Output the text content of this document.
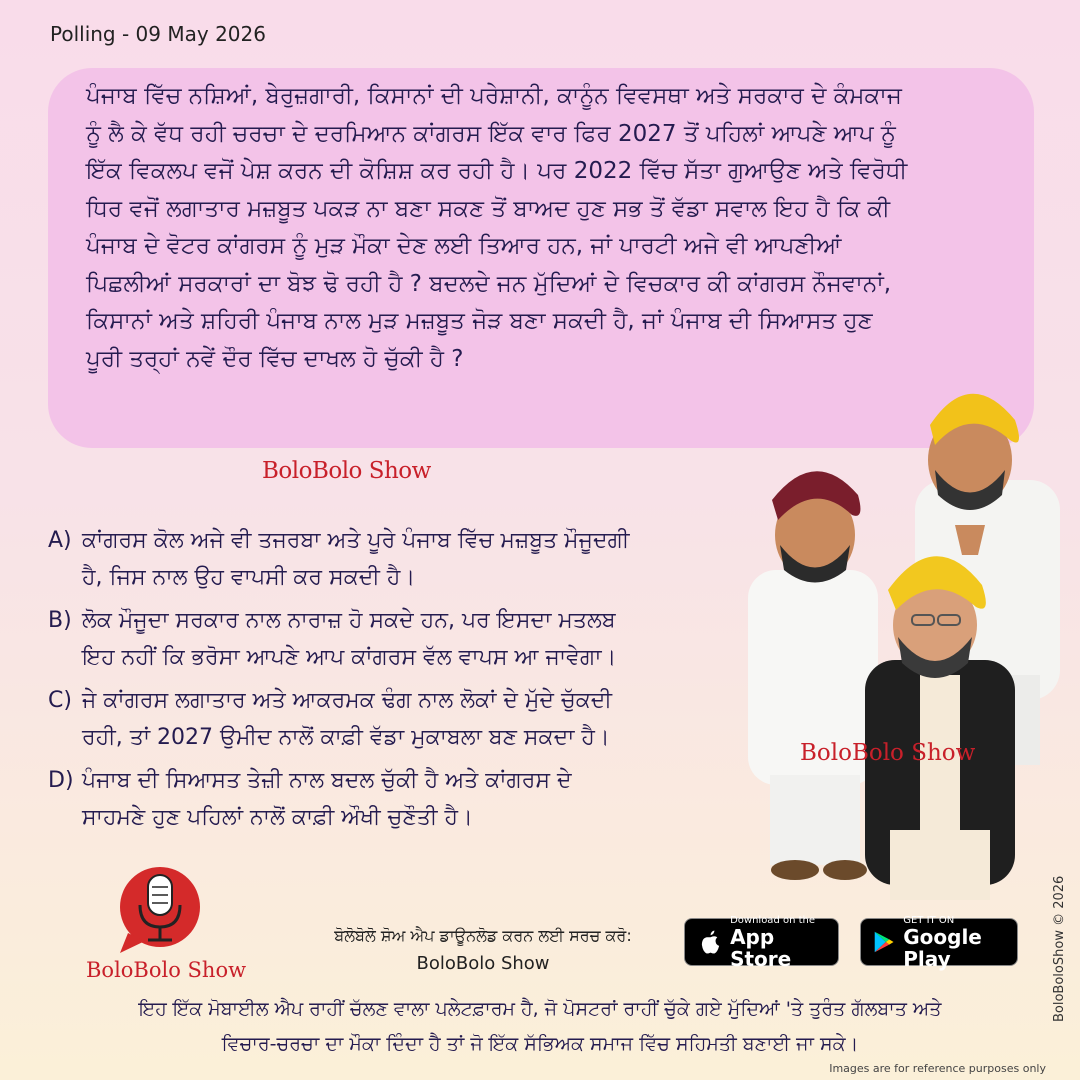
Polling - 09 May 2026

ਪੰਜਾਬ ਵਿੱਚ ਨਸ਼ਿਆਂ, ਬੇਰੁਜ਼ਗਾਰੀ, ਕਿਸਾਨਾਂ ਦੀ ਪਰੇਸ਼ਾਨੀ, ਕਾਨੂੰਨ ਵਿਵਸਥਾ ਅਤੇ ਸਰਕਾਰ ਦੇ ਕੰਮਕਾਜ
ਨੂੰ ਲੈ ਕੇ ਵੱਧ ਰਹੀ ਚਰਚਾ ਦੇ ਦਰਮਿਆਨ ਕਾਂਗਰਸ ਇੱਕ ਵਾਰ ਫਿਰ 2027 ਤੋਂ ਪਹਿਲਾਂ ਆਪਣੇ ਆਪ ਨੂੰ
ਇੱਕ ਵਿਕਲਪ ਵਜੋਂ ਪੇਸ਼ ਕਰਨ ਦੀ ਕੋਸ਼ਿਸ਼ ਕਰ ਰਹੀ ਹੈ। ਪਰ 2022 ਵਿੱਚ ਸੱਤਾ ਗੁਆਉਣ ਅਤੇ ਵਿਰੋਧੀ
ਧਿਰ ਵਜੋਂ ਲਗਾਤਾਰ ਮਜ਼ਬੂਤ ਪਕੜ ਨਾ ਬਣਾ ਸਕਣ ਤੋਂ ਬਾਅਦ ਹੁਣ ਸਭ ਤੋਂ ਵੱਡਾ ਸਵਾਲ ਇਹ ਹੈ ਕਿ ਕੀ
ਪੰਜਾਬ ਦੇ ਵੋਟਰ ਕਾਂਗਰਸ ਨੂੰ ਮੁੜ ਮੌਕਾ ਦੇਣ ਲਈ ਤਿਆਰ ਹਨ, ਜਾਂ ਪਾਰਟੀ ਅਜੇ ਵੀ ਆਪਣੀਆਂ
ਪਿਛਲੀਆਂ ਸਰਕਾਰਾਂ ਦਾ ਬੋਝ ਢੋ ਰਹੀ ਹੈ ? ਬਦਲਦੇ ਜਨ ਮੁੱਦਿਆਂ ਦੇ ਵਿਚਕਾਰ ਕੀ ਕਾਂਗਰਸ ਨੌਜਵਾਨਾਂ,
ਕਿਸਾਨਾਂ ਅਤੇ ਸ਼ਹਿਰੀ ਪੰਜਾਬ ਨਾਲ ਮੁੜ ਮਜ਼ਬੂਤ ਜੋੜ ਬਣਾ ਸਕਦੀ ਹੈ, ਜਾਂ ਪੰਜਾਬ ਦੀ ਸਿਆਸਤ ਹੁਣ
ਪੂਰੀ ਤਰ੍ਹਾਂ ਨਵੇਂ ਦੌਰ ਵਿੱਚ ਦਾਖਲ ਹੋ ਚੁੱਕੀ ਹੈ ?

BoloBolo Show
A) ਕਾਂਗਰਸ ਕੋਲ ਅਜੇ ਵੀ ਤਜਰਬਾ ਅਤੇ ਪੂਰੇ ਪੰਜਾਬ ਵਿੱਚ ਮਜ਼ਬੂਤ ਮੌਜੂਦਗੀ
ਹੈ, ਜਿਸ ਨਾਲ ਉਹ ਵਾਪਸੀ ਕਰ ਸਕਦੀ ਹੈ।
B) ਲੋਕ ਮੌਜੂਦਾ ਸਰਕਾਰ ਨਾਲ ਨਾਰਾਜ਼ ਹੋ ਸਕਦੇ ਹਨ, ਪਰ ਇਸਦਾ ਮਤਲਬ
ਇਹ ਨਹੀਂ ਕਿ ਭਰੋਸਾ ਆਪਣੇ ਆਪ ਕਾਂਗਰਸ ਵੱਲ ਵਾਪਸ ਆ ਜਾਵੇਗਾ।
C) ਜੇ ਕਾਂਗਰਸ ਲਗਾਤਾਰ ਅਤੇ ਆਕਰਮਕ ਢੰਗ ਨਾਲ ਲੋਕਾਂ ਦੇ ਮੁੱਦੇ ਚੁੱਕਦੀ
ਰਹੀ, ਤਾਂ 2027 ਉਮੀਦ ਨਾਲੋਂ ਕਾਫ਼ੀ ਵੱਡਾ ਮੁਕਾਬਲਾ ਬਣ ਸਕਦਾ ਹੈ।
D) ਪੰਜਾਬ ਦੀ ਸਿਆਸਤ ਤੇਜ਼ੀ ਨਾਲ ਬਦਲ ਚੁੱਕੀ ਹੈ ਅਤੇ ਕਾਂਗਰਸ ਦੇ
ਸਾਹਮਣੇ ਹੁਣ ਪਹਿਲਾਂ ਨਾਲੋਂ ਕਾਫ਼ੀ ਔਖੀ ਚੁਣੌਤੀ ਹੈ।
BoloBolo Show
BoloBolo Show
ਬੋਲੋਬੋਲੋ ਸ਼ੋਅ ਐਪ ਡਾਊਨਲੋਡ ਕਰਨ ਲਈ ਸਰਚ ਕਰੋ:
BoloBolo Show
Download on the
App Store
GET IT ON
Google Play
ਇਹ ਇੱਕ ਮੋਬਾਈਲ ਐਪ ਰਾਹੀਂ ਚੱਲਣ ਵਾਲਾ ਪਲੇਟਫ਼ਾਰਮ ਹੈ, ਜੋ ਪੋਸਟਰਾਂ ਰਾਹੀਂ ਚੁੱਕੇ ਗਏ ਮੁੱਦਿਆਂ 'ਤੇ ਤੁਰੰਤ ਗੱਲਬਾਤ ਅਤੇ
ਵਿਚਾਰ-ਚਰਚਾ ਦਾ ਮੌਕਾ ਦਿੰਦਾ ਹੈ ਤਾਂ ਜੋ ਇੱਕ ਸੱਭਿਅਕ ਸਮਾਜ ਵਿੱਚ ਸਹਿਮਤੀ ਬਣਾਈ ਜਾ ਸਕੇ।
BoloBoloShow © 2026
Images are for reference purposes only
